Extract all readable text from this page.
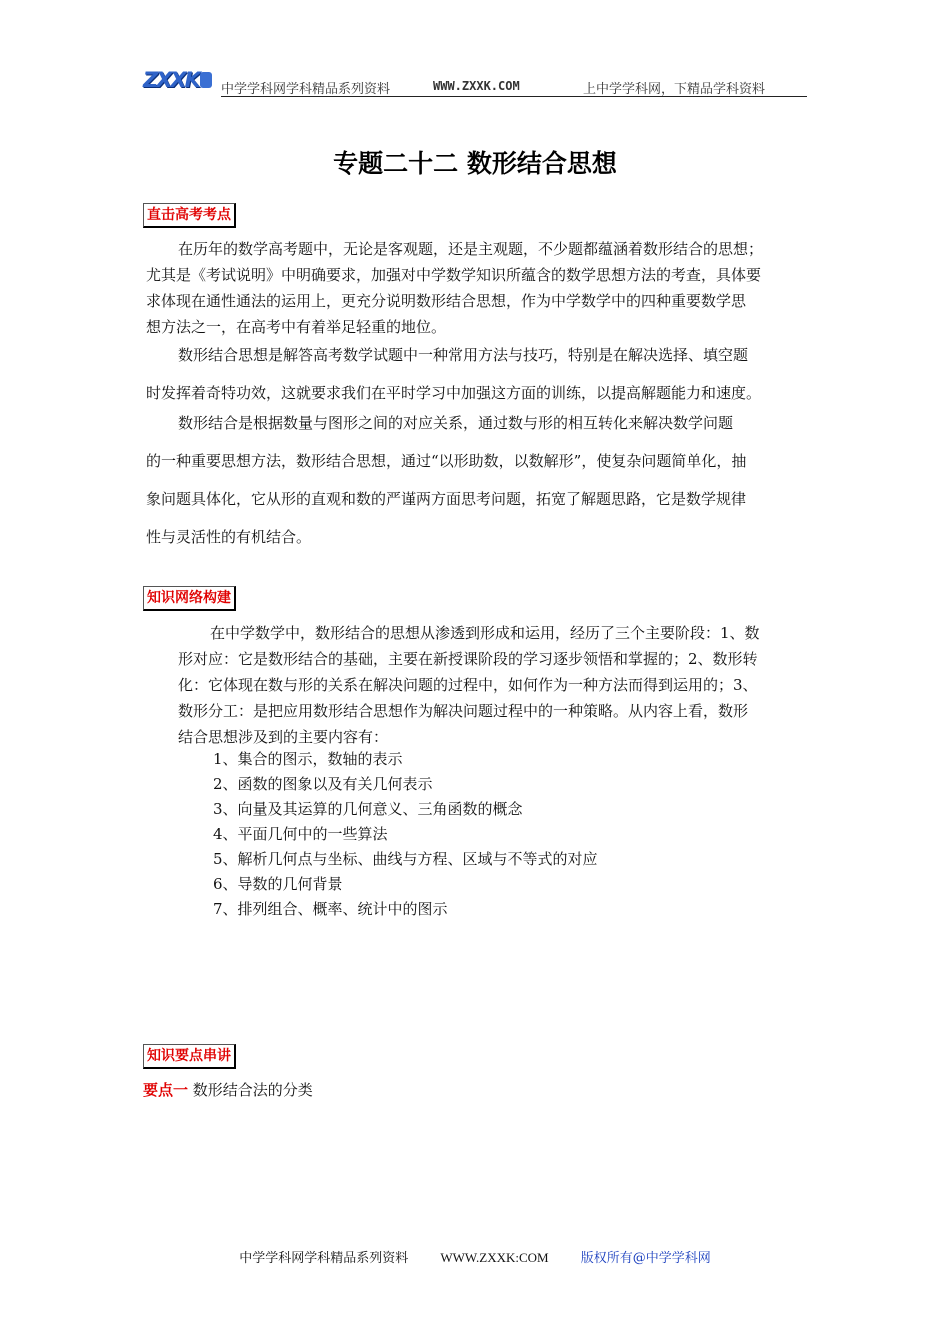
ZXXK 中学学科网学科精品系列资料	WWW.ZXXK.COM	上中学学科网，下精品学科资料
专题二十二 数形结合思想
直击高考考点
在历年的数学高考题中，无论是客观题，还是主观题，不少题都蕴涵着数形结合的思想；
尤其是《考试说明》中明确要求，加强对中学数学知识所蕴含的数学思想方法的考查，具体要
求体现在通性通法的运用上，更充分说明数形结合思想，作为中学数学中的四种重要数学思
想方法之一，在高考中有着举足轻重的地位。
数形结合思想是解答高考数学试题中一种常用方法与技巧，特别是在解决选择、填空题
时发挥着奇特功效，这就要求我们在平时学习中加强这方面的训练，以提高解题能力和速度。
数形结合是根据数量与图形之间的对应关系，通过数与形的相互转化来解决数学问题
的一种重要思想方法，数形结合思想，通过“以形助数，以数解形”，使复杂问题简单化，抽
象问题具体化，它从形的直观和数的严谨两方面思考问题，拓宽了解题思路，它是数学规律
性与灵活性的有机结合。
知识网络构建
在中学数学中，数形结合的思想从渗透到形成和运用，经历了三个主要阶段：1、数
形对应：它是数形结合的基础，主要在新授课阶段的学习逐步领悟和掌握的；2、数形转
化：它体现在数与形的关系在解决问题的过程中，如何作为一种方法而得到运用的；3、
数形分工：是把应用数形结合思想作为解决问题过程中的一种策略。从内容上看，数形
结合思想涉及到的主要内容有：
1、集合的图示，数轴的表示
2、函数的图象以及有关几何表示
3、向量及其运算的几何意义、三角函数的概念
4、平面几何中的一些算法
5、解析几何点与坐标、曲线与方程、区域与不等式的对应
6、导数的几何背景
7、排列组合、概率、统计中的图示
知识要点串讲
要点一 数形结合法的分类
中学学科网学科精品系列资料 WWW.ZXXK:COM 版权所有@中学学科网
